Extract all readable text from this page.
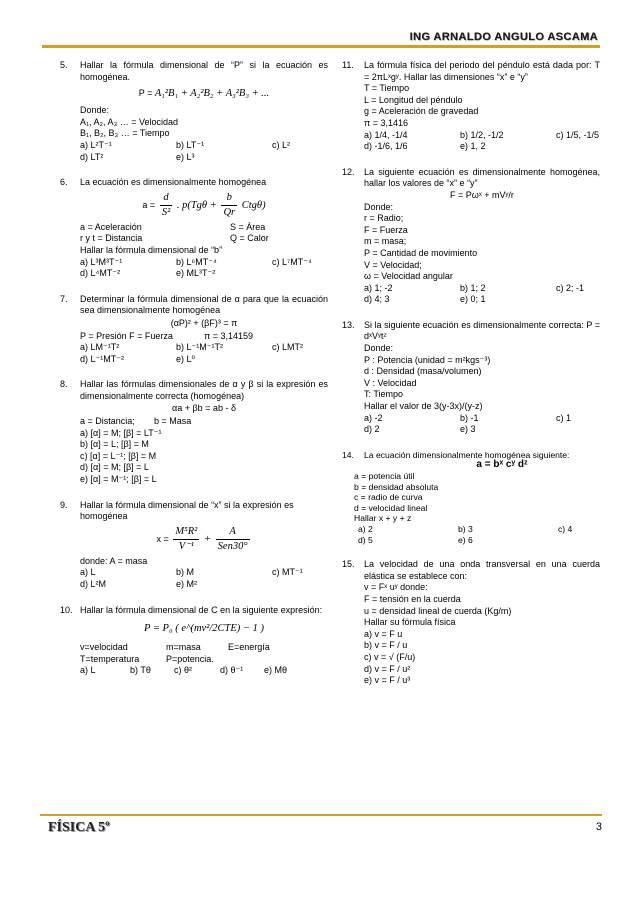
ING ARNALDO ANGULO ASCAMA
5. Hallar la fórmula dimensional de “P” si la ecuación es homogénea.
P = A₁²B₁ + A₂²B₂ + A₃²B₃ + ...
Donde:
A₁, A₂, A₃ … = Velocidad
B₁, B₂, B₃ … = Tiempo
a) L²T⁻¹	b) LT⁻¹	c) L²
d) LT²	e) L³
6. La ecuación es dimensionalmente homogénea
$a = \frac{d}{\text{S²}}$ . $p(Tg\theta + \frac{b}{Qr} Ctg\theta)$
a = Aceleración	S = Área
r y t = Distancia	Q = Calor
Hallar la fórmula dimensional de “b”
a) L³M³T⁻¹	b) L⁶MT⁻⁴	c) L⁷MT⁻⁴
d) L⁴MT⁻²	e) ML³T⁻²
7. Determinar la fórmula dimensional de α para que la ecuación sea dimensionalmente homogénea
(αP)² + (βF)³ = π
P = Presión F = Fuerza	π = 3,14159
a) LM⁻¹T²	b) L⁻¹M⁻¹T²	c) LMT²
d) L⁻¹MT⁻²	e) L⁰
8. Hallar las fórmulas dimensionales de α y β si la expresión es dimensionalmente correcta (homogénea)
αa + βb = ab - δ
a = Distancia;	b = Masa
a) [α] = M; [β] = LT⁻¹
b) [α] = L; [β] = M
c) [α] = L⁻¹; [β] = M
d) [α] = M; [β] = L
e) [α] = M⁻¹; [β] = L
9. Hallar la fórmula dimensional de “x” si la expresión es homogénea
$x = \frac{\text{M⁵R²}}{\text{V⁻¹}} + \frac{A}{\text{Sen30°}}$
donde: A = masa
a) L	b) M	c) MT⁻¹
d) L²M	e) M²
10. Hallar la fórmula dimensional de C en la siguiente expresión:
P = P₀ ( e^(mv²/2CTE) − 1 )
v=velocidad	m=masa	E=energía
T=temperatura	P=potencia.
a) L	b) Tθ	c) θ²	d) θ⁻¹	e) Mθ
11. La fórmula física del periodo del péndulo está dada por: T = 2πLˣgʸ. Hallar las dimensiones “x” e “y”
T = Tiempo
L = Longitud del péndulo
g = Aceleración de gravedad
π = 3,1416
a) 1/4, -1/4	b) 1/2, -1/2	c) 1/5, -1/5
d) -1/6, 1/6	e) 1, 2
12. La siguiente ecuación es dimensionalmente homogénea, hallar los valores de “x” e “y”
F = Pωˣ + mVʸ/r
Donde:
r = Radio;
F = Fuerza
m = masa;
P = Cantidad de movimiento
V = Velocidad;
ω = Velocidad angular
a) 1; -2	b) 1; 2	c) 2; -1
d) 4; 3	e) 0; 1
13. Si la siguiente ecuación es dimensionalmente correcta: P = dˣVʸtᶻ
Donde:
P : Potencia (unidad = m²kgs⁻³)
d : Densidad (masa/volumen)
V : Velocidad
T: Tiempo
Hallar el valor de 3(y-3x)/(y-z)
a) -2	b) -1	c) 1
d) 2	e) 3
14. La ecuación dimensionalmente homogénea siguiente:
a = bˣ cʸ dᶻ
a = potencia útil
b = densidad absoluta
c = radio de curva
d = velocidad lineal
Hallar x + y + z
a) 2	b) 3	c) 4
d) 5	e) 6
15. La velocidad de una onda transversal en una cuerda elástica se establece con:
v = Fˣ uʸ donde:
F = tensión en la cuerda
u = densidad lineal de cuerda (Kg/m)
Hallar su fórmula física
a) v = F u
b) v = F / u
c) v = √ (F/u)
d) v = F / u²
e) v = F / u³
FÍSICA 5º	3
